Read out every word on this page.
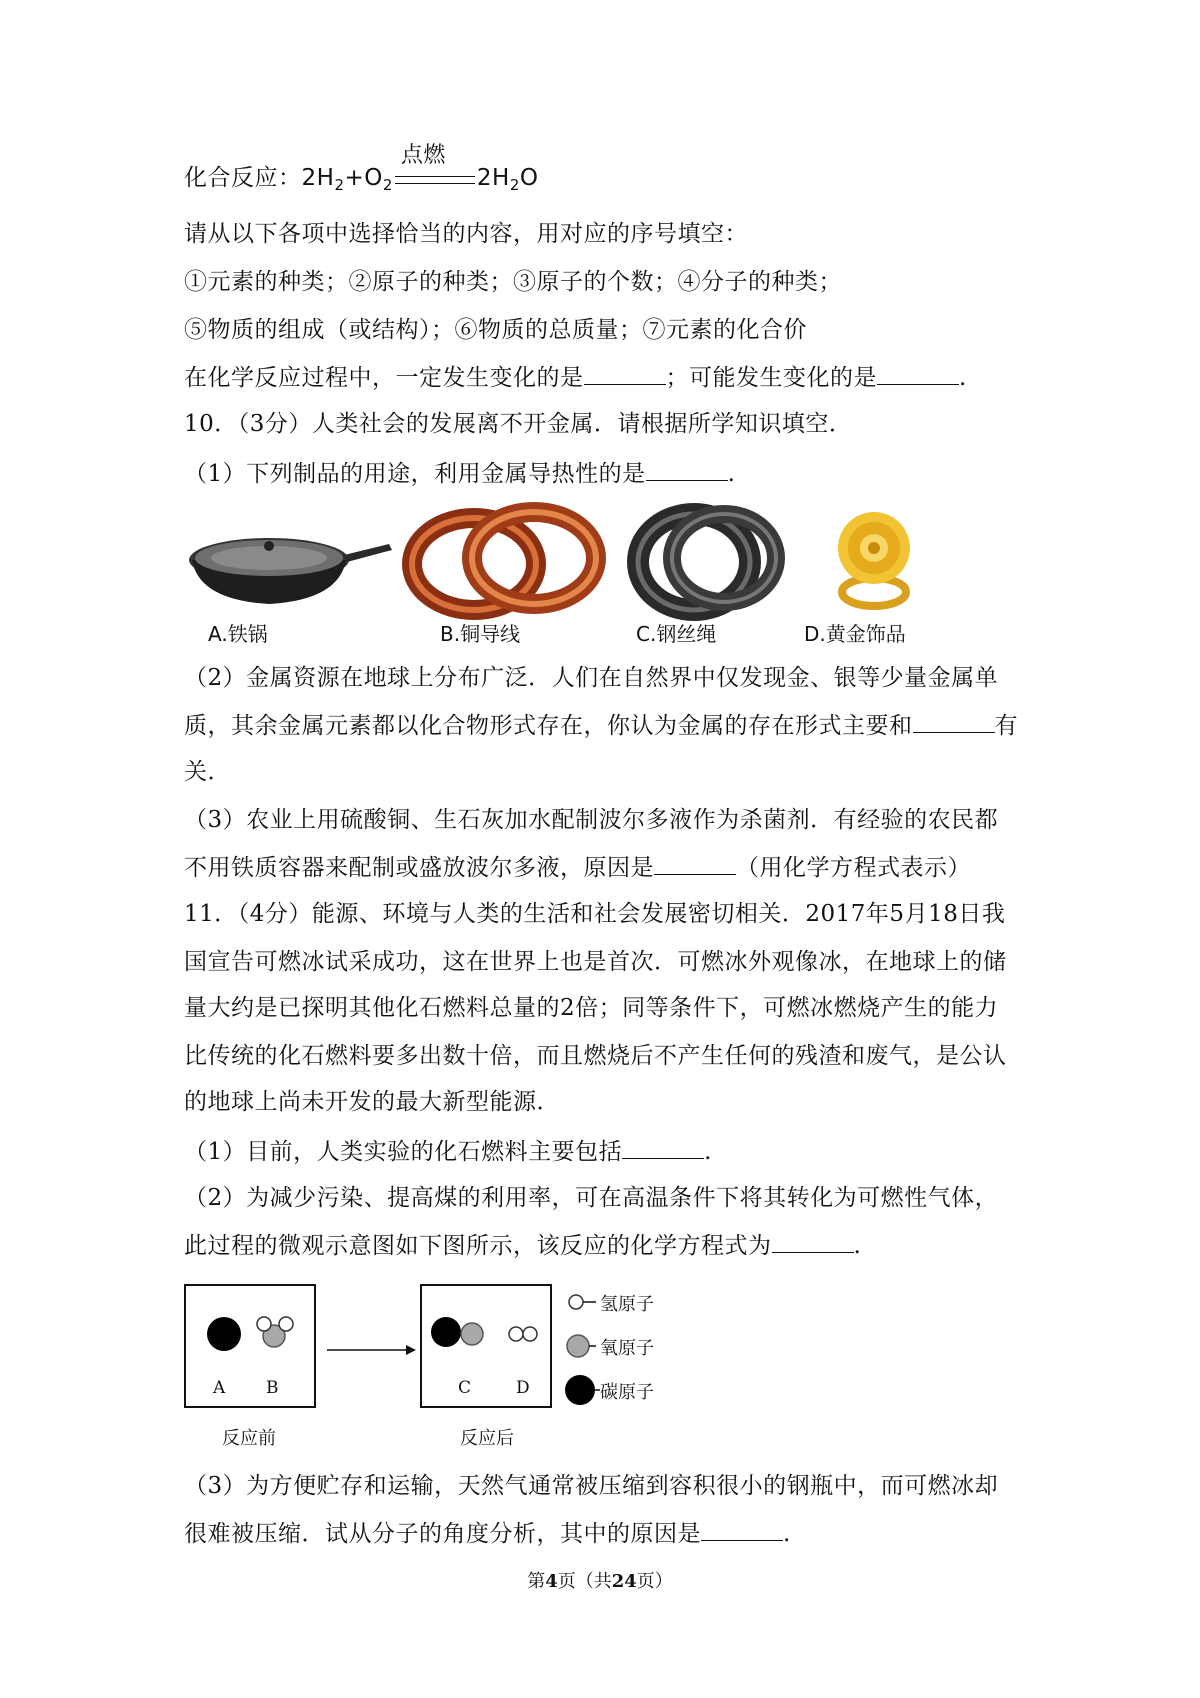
化合反应：$2H_2+O_2$
点燃
$2H_2O$
请从以下各项中选择恰当的内容，用对应的序号填空：
①元素的种类；②原子的种类；③原子的个数；④分子的种类；
⑤物质的组成（或结构）；⑥物质的总质量；⑦元素的化合价
在化学反应过程中，一定发生变化的是	；可能发生变化的是	.
10．（3分）人类社会的发展离不开金属．请根据所学知识填空．
（1）下列制品的用途，利用金属导热性的是	.
A.铁锅	B.铜导线	C.钢丝绳	D.黄金饰品
（2）金属资源在地球上分布广泛．人们在自然界中仅发现金、银等少量金属单
质，其余金属元素都以化合物形式存在，你认为金属的存在形式主要和	有
关．
（3）农业上用硫酸铜、生石灰加水配制波尔多液作为杀菌剂．有经验的农民都
不用铁质容器来配制或盛放波尔多液，原因是	（用化学方程式表示）
11．（4分）能源、环境与人类的生活和社会发展密切相关．2017年5月18日我
国宣告可燃冰试采成功，这在世界上也是首次．可燃冰外观像冰，在地球上的储
量大约是已探明其他化石燃料总量的2倍；同等条件下，可燃冰燃烧产生的能力
比传统的化石燃料要多出数十倍，而且燃烧后不产生任何的残渣和废气，是公认
的地球上尚未开发的最大新型能源．
（1）目前，人类实验的化石燃料主要包括	.
（2）为减少污染、提高煤的利用率，可在高温条件下将其转化为可燃性气体，
此过程的微观示意图如下图所示，该反应的化学方程式为	.
A B	C	D
氢原子
氧原子
碳原子
反应前	反应后
（3）为方便贮存和运输，天然气通常被压缩到容积很小的钢瓶中，而可燃冰却
很难被压缩．试从分子的角度分析，其中的原因是	.
第4页（共24页）
